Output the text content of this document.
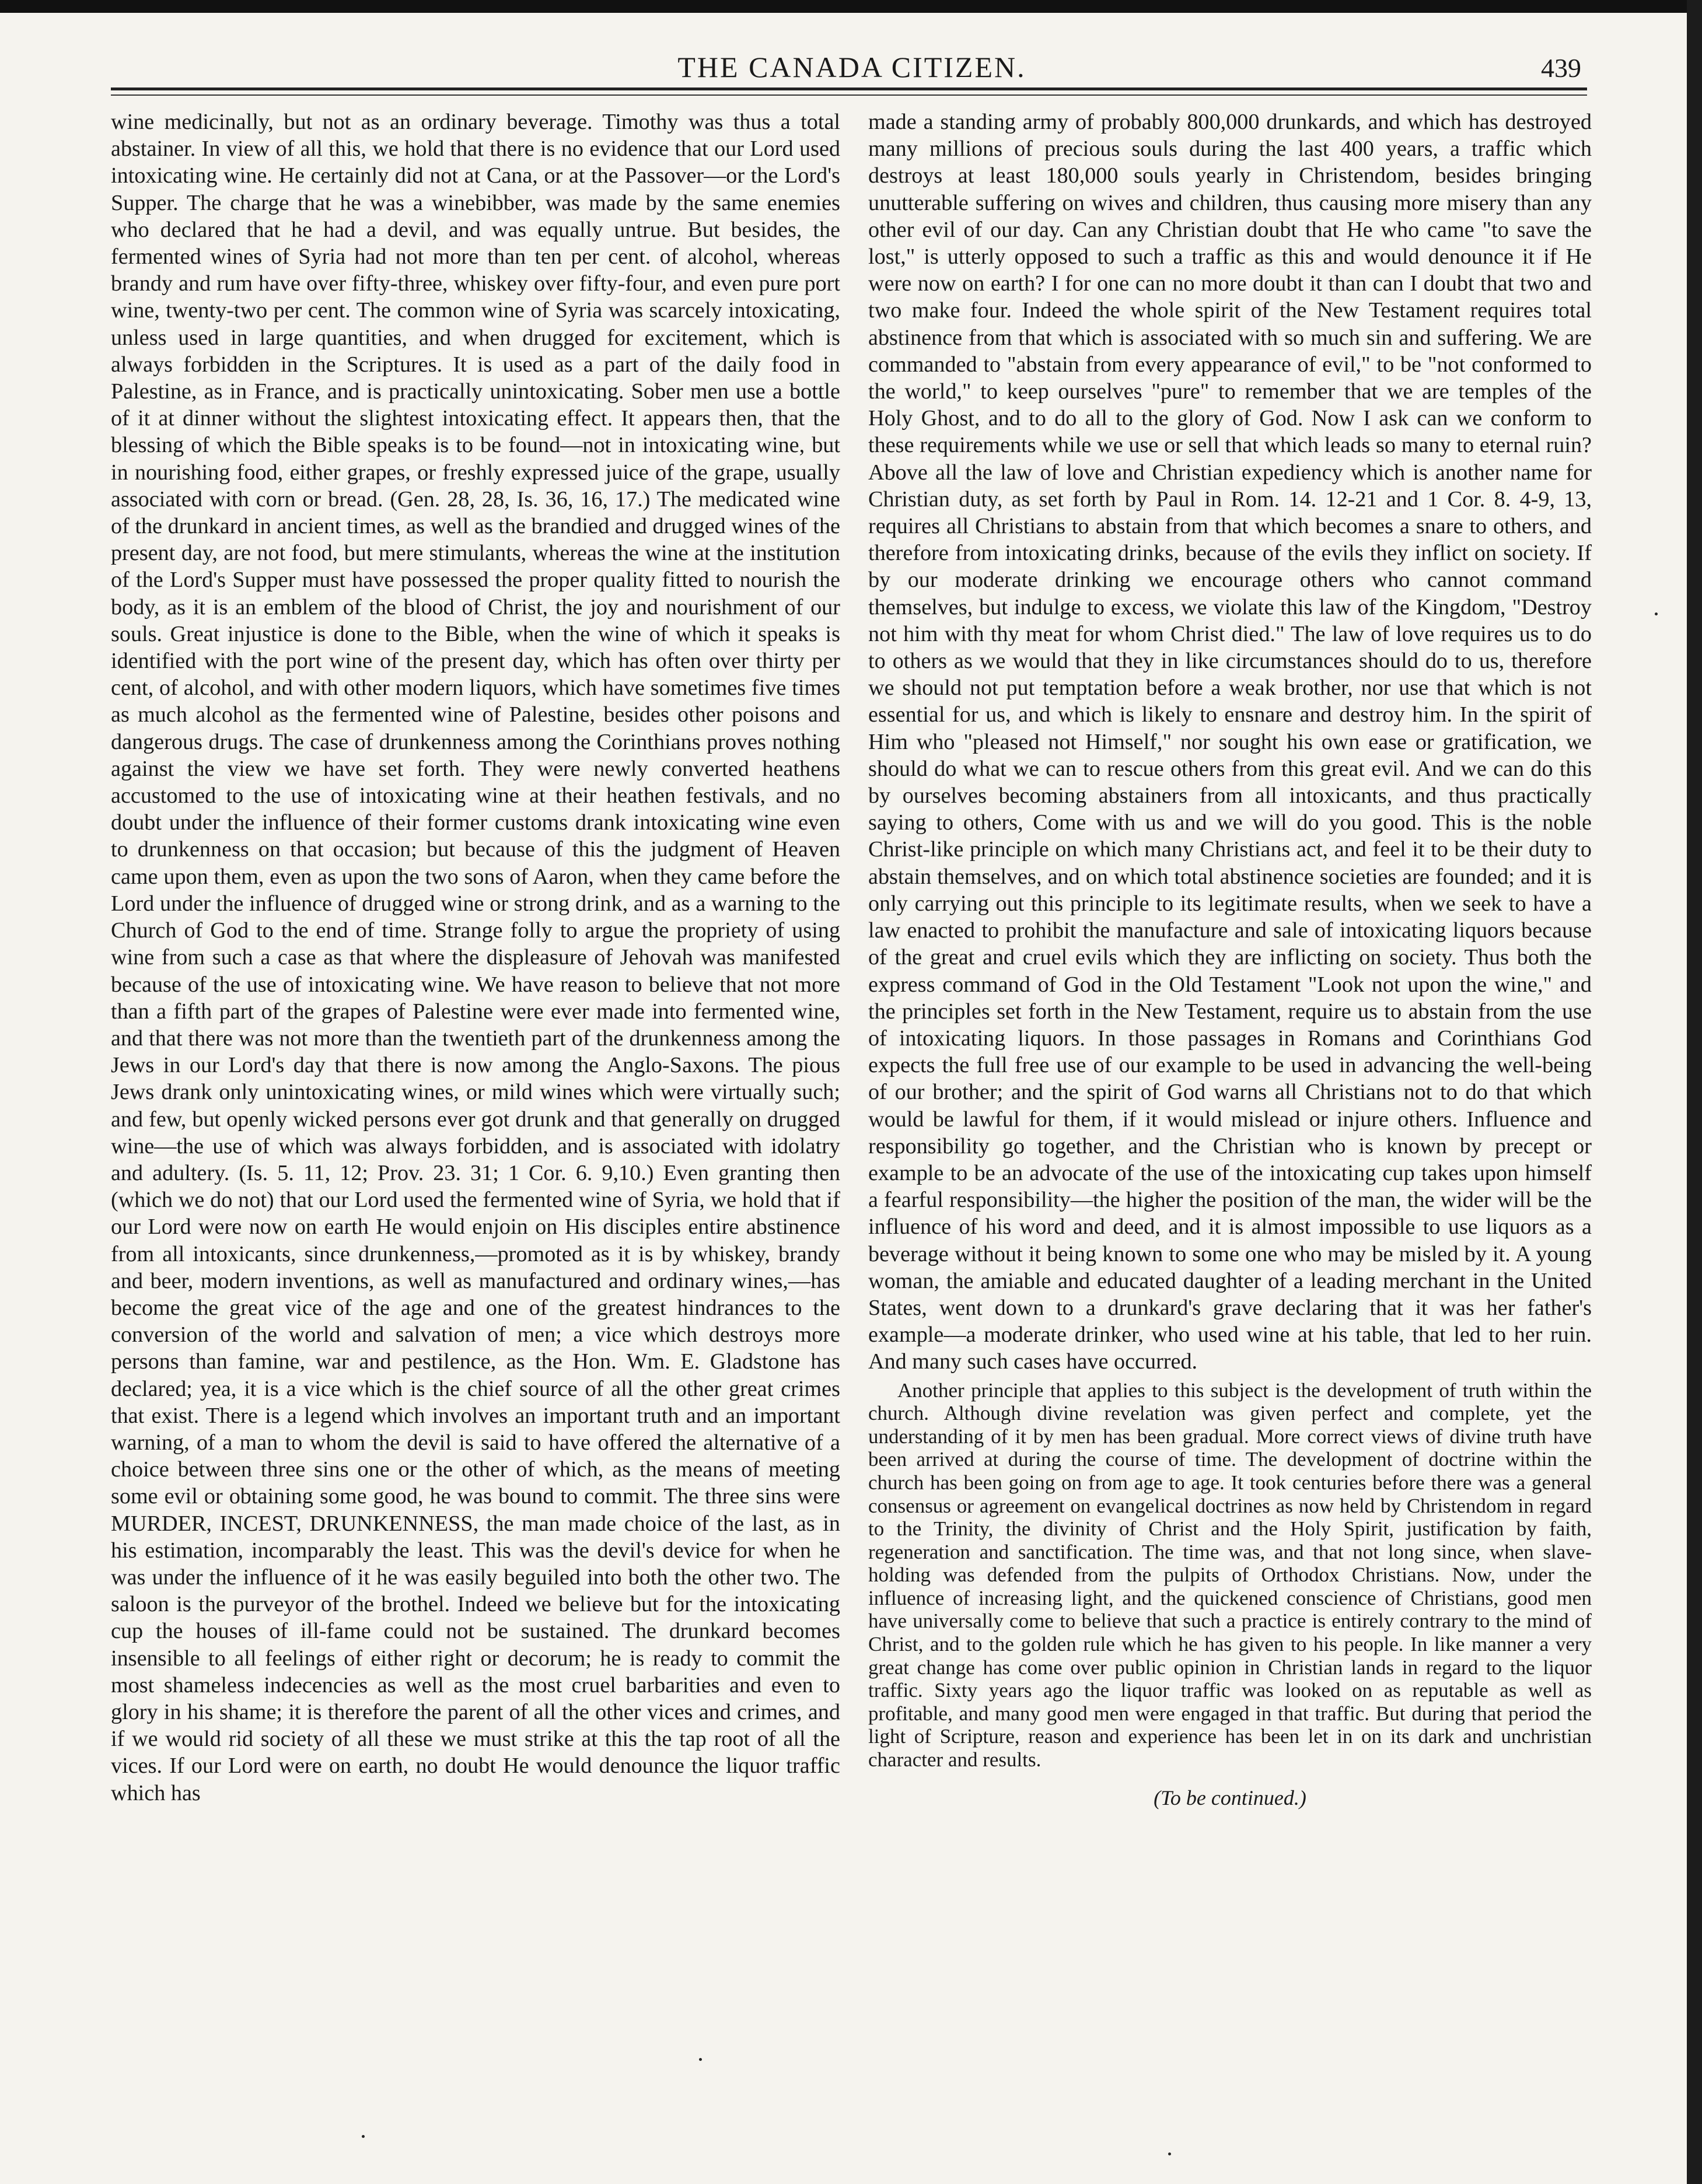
THE CANADA CITIZEN.	439

wine medicinally, but not as an ordinary beverage. Timothy was thus a total abstainer. In view of all this, we hold that there is no evidence that our Lord used intoxicating wine. He certainly did not at Cana, or at the Passover—or the Lord's Supper. The charge that he was a winebibber, was made by the same enemies who declared that he had a devil, and was equally untrue. But besides, the fermented wines of Syria had not more than ten per cent. of alcohol, whereas brandy and rum have over fifty-three, whiskey over fifty-four, and even pure port wine, twenty-two per cent. The common wine of Syria was scarcely intoxicating, unless used in large quantities, and when drugged for excitement, which is always forbidden in the Scriptures. It is used as a part of the daily food in Palestine, as in France, and is practically unintoxicating. Sober men use a bottle of it at dinner without the slightest intoxicating effect. It appears then, that the blessing of which the Bible speaks is to be found—not in intoxicating wine, but in nourishing food, either grapes, or freshly expressed juice of the grape, usually associated with corn or bread. (Gen. 28, 28, Is. 36, 16, 17.) The medicated wine of the drunkard in ancient times, as well as the brandied and drugged wines of the present day, are not food, but mere stimulants, whereas the wine at the institution of the Lord's Supper must have possessed the proper quality fitted to nourish the body, as it is an emblem of the blood of Christ, the joy and nourishment of our souls. Great injustice is done to the Bible, when the wine of which it speaks is identified with the port wine of the present day, which has often over thirty per cent, of alcohol, and with other modern liquors, which have sometimes five times as much alcohol as the fermented wine of Palestine, besides other poisons and dangerous drugs. The case of drunkenness among the Corinthians proves nothing against the view we have set forth. They were newly converted heathens accustomed to the use of intoxicating wine at their heathen festivals, and no doubt under the influence of their former customs drank intoxicating wine even to drunkenness on that occasion; but because of this the judgment of Heaven came upon them, even as upon the two sons of Aaron, when they came before the Lord under the influence of drugged wine or strong drink, and as a warning to the Church of God to the end of time. Strange folly to argue the propriety of using wine from such a case as that where the displeasure of Jehovah was manifested because of the use of intoxicating wine. We have reason to believe that not more than a fifth part of the grapes of Palestine were ever made into fermented wine, and that there was not more than the twentieth part of the drunkenness among the Jews in our Lord's day that there is now among the Anglo-Saxons. The pious Jews drank only unintoxicating wines, or mild wines which were virtually such; and few, but openly wicked persons ever got drunk and that generally on drugged wine—the use of which was always forbidden, and is associated with idolatry and adultery. (Is. 5. 11, 12; Prov. 23. 31; 1 Cor. 6. 9,10.) Even granting then (which we do not) that our Lord used the fermented wine of Syria, we hold that if our Lord were now on earth He would enjoin on His disciples entire abstinence from all intoxicants, since drunkenness,—promoted as it is by whiskey, brandy and beer, modern inventions, as well as manufactured and ordinary wines,—has become the great vice of the age and one of the greatest hindrances to the conversion of the world and salvation of men; a vice which destroys more persons than famine, war and pestilence, as the Hon. Wm. E. Gladstone has declared; yea, it is a vice which is the chief source of all the other great crimes that exist. There is a legend which involves an important truth and an important warning, of a man to whom the devil is said to have offered the alternative of a choice between three sins one or the other of which, as the means of meeting some evil or obtaining some good, he was bound to commit. The three sins were MURDER, INCEST, DRUNKENNESS, the man made choice of the last, as in his estimation, incomparably the least. This was the devil's device for when he was under the influence of it he was easily beguiled into both the other two. The saloon is the purveyor of the brothel. Indeed we believe but for the intoxicating cup the houses of ill-fame could not be sustained. The drunkard becomes insensible to all feelings of either right or decorum; he is ready to commit the most shameless indecencies as well as the most cruel barbarities and even to glory in his shame; it is therefore the parent of all the other vices and crimes, and if we would rid society of all these we must strike at this the tap root of all the vices. If our Lord were on earth, no doubt He would denounce the liquor traffic which has

made a standing army of probably 800,000 drunkards, and which has destroyed many millions of precious souls during the last 400 years, a traffic which destroys at least 180,000 souls yearly in Christendom, besides bringing unutterable suffering on wives and children, thus causing more misery than any other evil of our day. Can any Christian doubt that He who came "to save the lost," is utterly opposed to such a traffic as this and would denounce it if He were now on earth? I for one can no more doubt it than can I doubt that two and two make four. Indeed the whole spirit of the New Testament requires total abstinence from that which is associated with so much sin and suffering. We are commanded to "abstain from every appearance of evil," to be "not conformed to the world," to keep ourselves "pure" to remember that we are temples of the Holy Ghost, and to do all to the glory of God. Now I ask can we conform to these requirements while we use or sell that which leads so many to eternal ruin? Above all the law of love and Christian expediency which is another name for Christian duty, as set forth by Paul in Rom. 14. 12-21 and 1 Cor. 8. 4-9, 13, requires all Christians to abstain from that which becomes a snare to others, and therefore from intoxicating drinks, because of the evils they inflict on society. If by our moderate drinking we encourage others who cannot command themselves, but indulge to excess, we violate this law of the Kingdom, "Destroy not him with thy meat for whom Christ died." The law of love requires us to do to others as we would that they in like circumstances should do to us, therefore we should not put temptation before a weak brother, nor use that which is not essential for us, and which is likely to ensnare and destroy him. In the spirit of Him who "pleased not Himself," nor sought his own ease or gratification, we should do what we can to rescue others from this great evil. And we can do this by ourselves becoming abstainers from all intoxicants, and thus practically saying to others, Come with us and we will do you good. This is the noble Christ-like principle on which many Christians act, and feel it to be their duty to abstain themselves, and on which total abstinence societies are founded; and it is only carrying out this principle to its legitimate results, when we seek to have a law enacted to prohibit the manufacture and sale of intoxicating liquors because of the great and cruel evils which they are inflicting on society. Thus both the express command of God in the Old Testament "Look not upon the wine," and the principles set forth in the New Testament, require us to abstain from the use of intoxicating liquors. In those passages in Romans and Corinthians God expects the full free use of our example to be used in advancing the well-being of our brother; and the spirit of God warns all Christians not to do that which would be lawful for them, if it would mislead or injure others. Influence and responsibility go together, and the Christian who is known by precept or example to be an advocate of the use of the intoxicating cup takes upon himself a fearful responsibility—the higher the position of the man, the wider will be the influence of his word and deed, and it is almost impossible to use liquors as a beverage without it being known to some one who may be misled by it. A young woman, the amiable and educated daughter of a leading merchant in the United States, went down to a drunkard's grave declaring that it was her father's example—a moderate drinker, who used wine at his table, that led to her ruin. And many such cases have occurred.

Another principle that applies to this subject is the development of truth within the church. Although divine revelation was given perfect and complete, yet the understanding of it by men has been gradual. More correct views of divine truth have been arrived at during the course of time. The development of doctrine within the church has been going on from age to age. It took centuries before there was a general consensus or agreement on evangelical doctrines as now held by Christendom in regard to the Trinity, the divinity of Christ and the Holy Spirit, justification by faith, regeneration and sanctification. The time was, and that not long since, when slave-holding was defended from the pulpits of Orthodox Christians. Now, under the influence of increasing light, and the quickened conscience of Christians, good men have universally come to believe that such a practice is entirely contrary to the mind of Christ, and to the golden rule which he has given to his people. In like manner a very great change has come over public opinion in Christian lands in regard to the liquor traffic. Sixty years ago the liquor traffic was looked on as reputable as well as profitable, and many good men were engaged in that traffic. But during that period the light of Scripture, reason and experience has been let in on its dark and unchristian character and results.

(To be continued.)
